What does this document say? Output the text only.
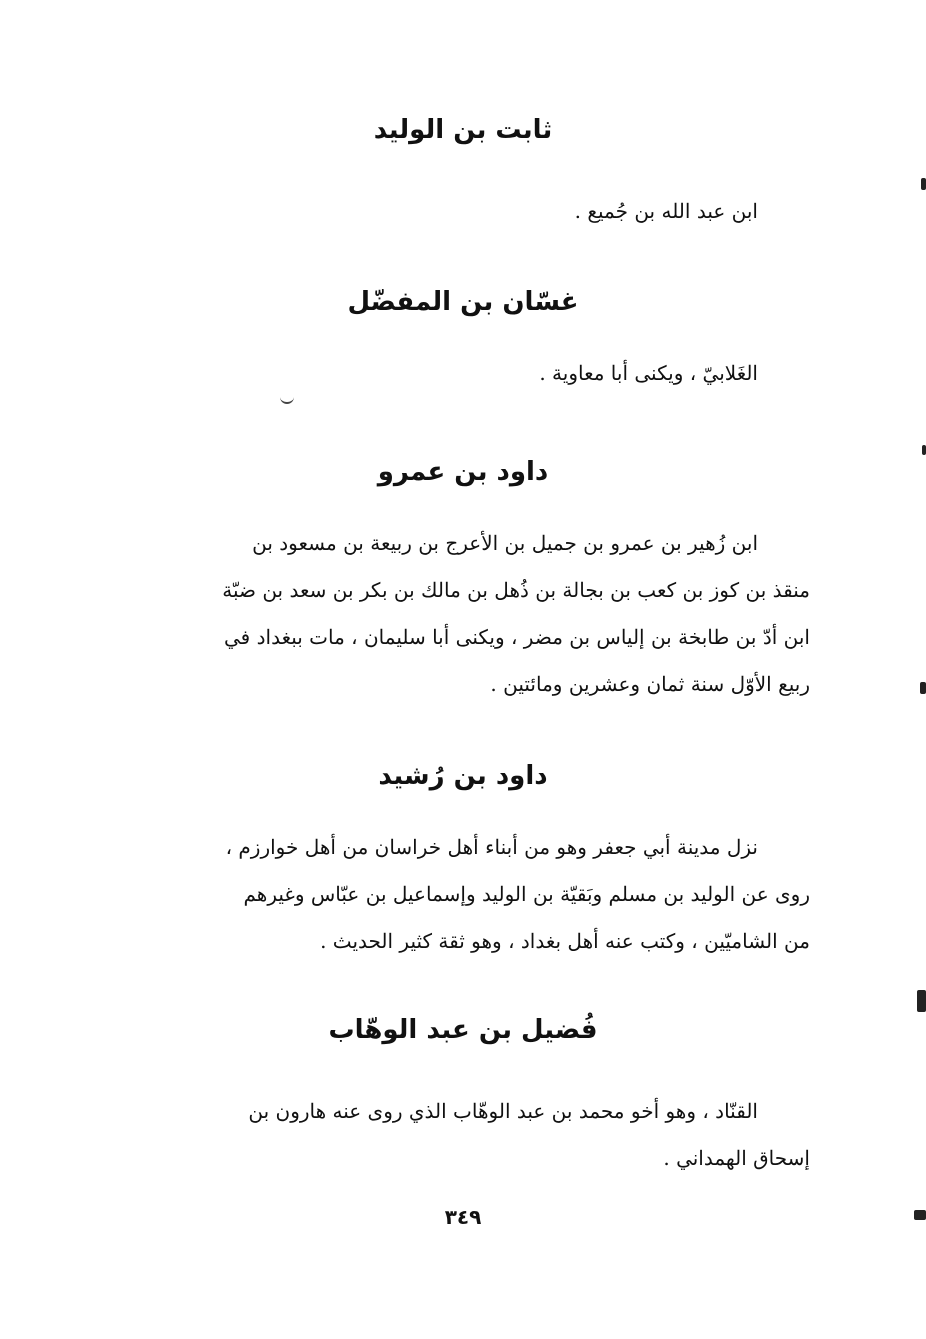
ثابت بن الوليد
ابن عبد الله بن جُميع .
غسّان بن المفضّل
الغَلابيّ ، ويكنى أبا معاوية .
داود بن عمرو
ابن زُهير بن عمرو بن جميل بن الأعرج بن ربيعة بن مسعود بن
منقذ بن كوز بن كعب بن بجالة بن ذُهل بن مالك بن بكر بن سعد بن ضبّة
ابن أدّ بن طابخة بن إلياس بن مضر ، ويكنى أبا سليمان ، مات ببغداد في
ربيع الأوّل سنة ثمان وعشرين ومائتين .
داود بن رُشيد
نزل مدينة أبي جعفر وهو من أبناء أهل خراسان من أهل خوارزم ،
روى عن الوليد بن مسلم وبَقيّة بن الوليد وإسماعيل بن عبّاس وغيرهم
من الشاميّين ، وكتب عنه أهل بغداد ، وهو ثقة كثير الحديث .
فُضيل بن عبد الوهّاب
القنّاد ، وهو أخو محمد بن عبد الوهّاب الذي روى عنه هارون بن
إسحاق الهمداني .
٣٤٩
